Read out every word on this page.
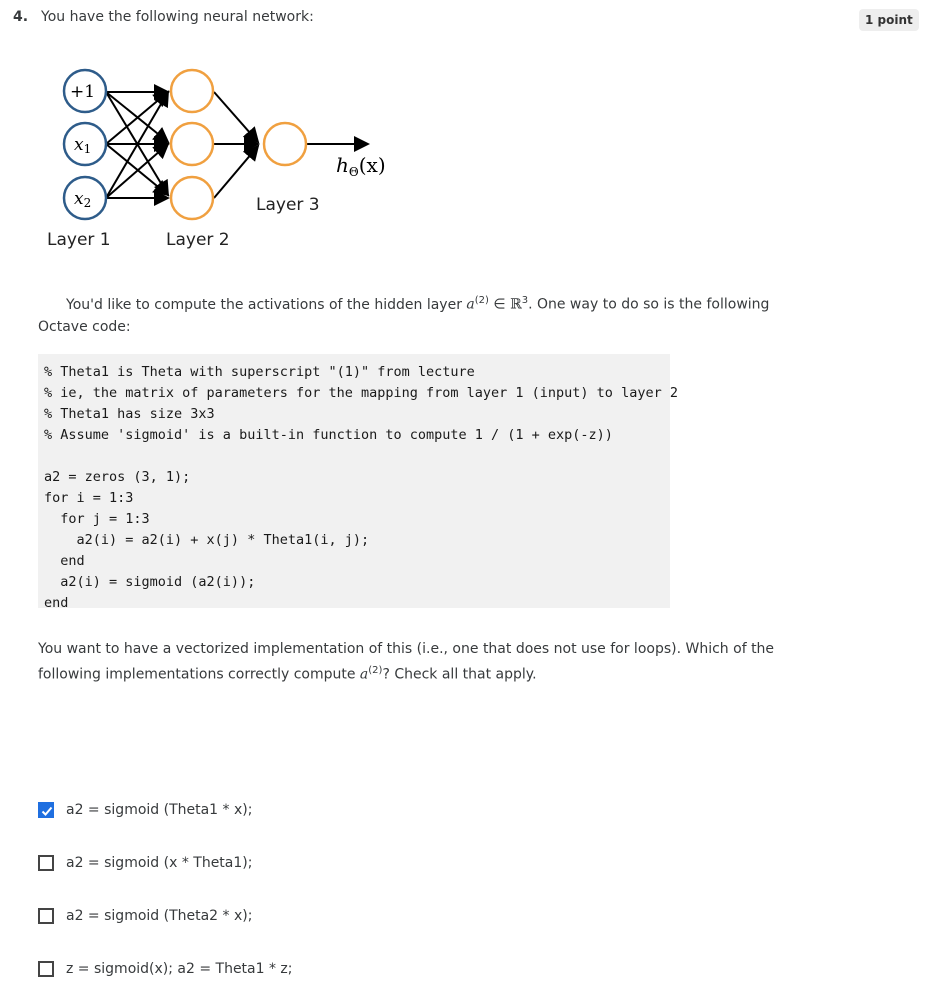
4. You have the following neural network:	1 point
+1
x1
x2
$h_\Theta(x)$
Layer 1	Layer 2
Layer 3
You'd like to compute the activations of the hidden layer $a^{(2)}$ ∈ ℝ$^3$. One way to do so is the following Octave code:
% Theta1 is Theta with superscript "(1)" from lecture
% ie, the matrix of parameters for the mapping from layer 1 (input) to layer 2
% Theta1 has size 3x3
% Assume 'sigmoid' is a built-in function to compute 1 / (1 + exp(-z))
a2 = zeros (3, 1);
for i = 1:3
for j = 1:3
a2(i) = a2(i) + x(j) * Theta1(i, j);
end
a2(i) = sigmoid (a2(i));
end
You want to have a vectorized implementation of this (i.e., one that does not use for loops). Which of the following implementations correctly compute $a^{(2)}$? Check all that apply.
a2 = sigmoid (Theta1 * x);
a2 = sigmoid (x * Theta1);
a2 = sigmoid (Theta2 * x);
z = sigmoid(x); a2 = Theta1 * z;
